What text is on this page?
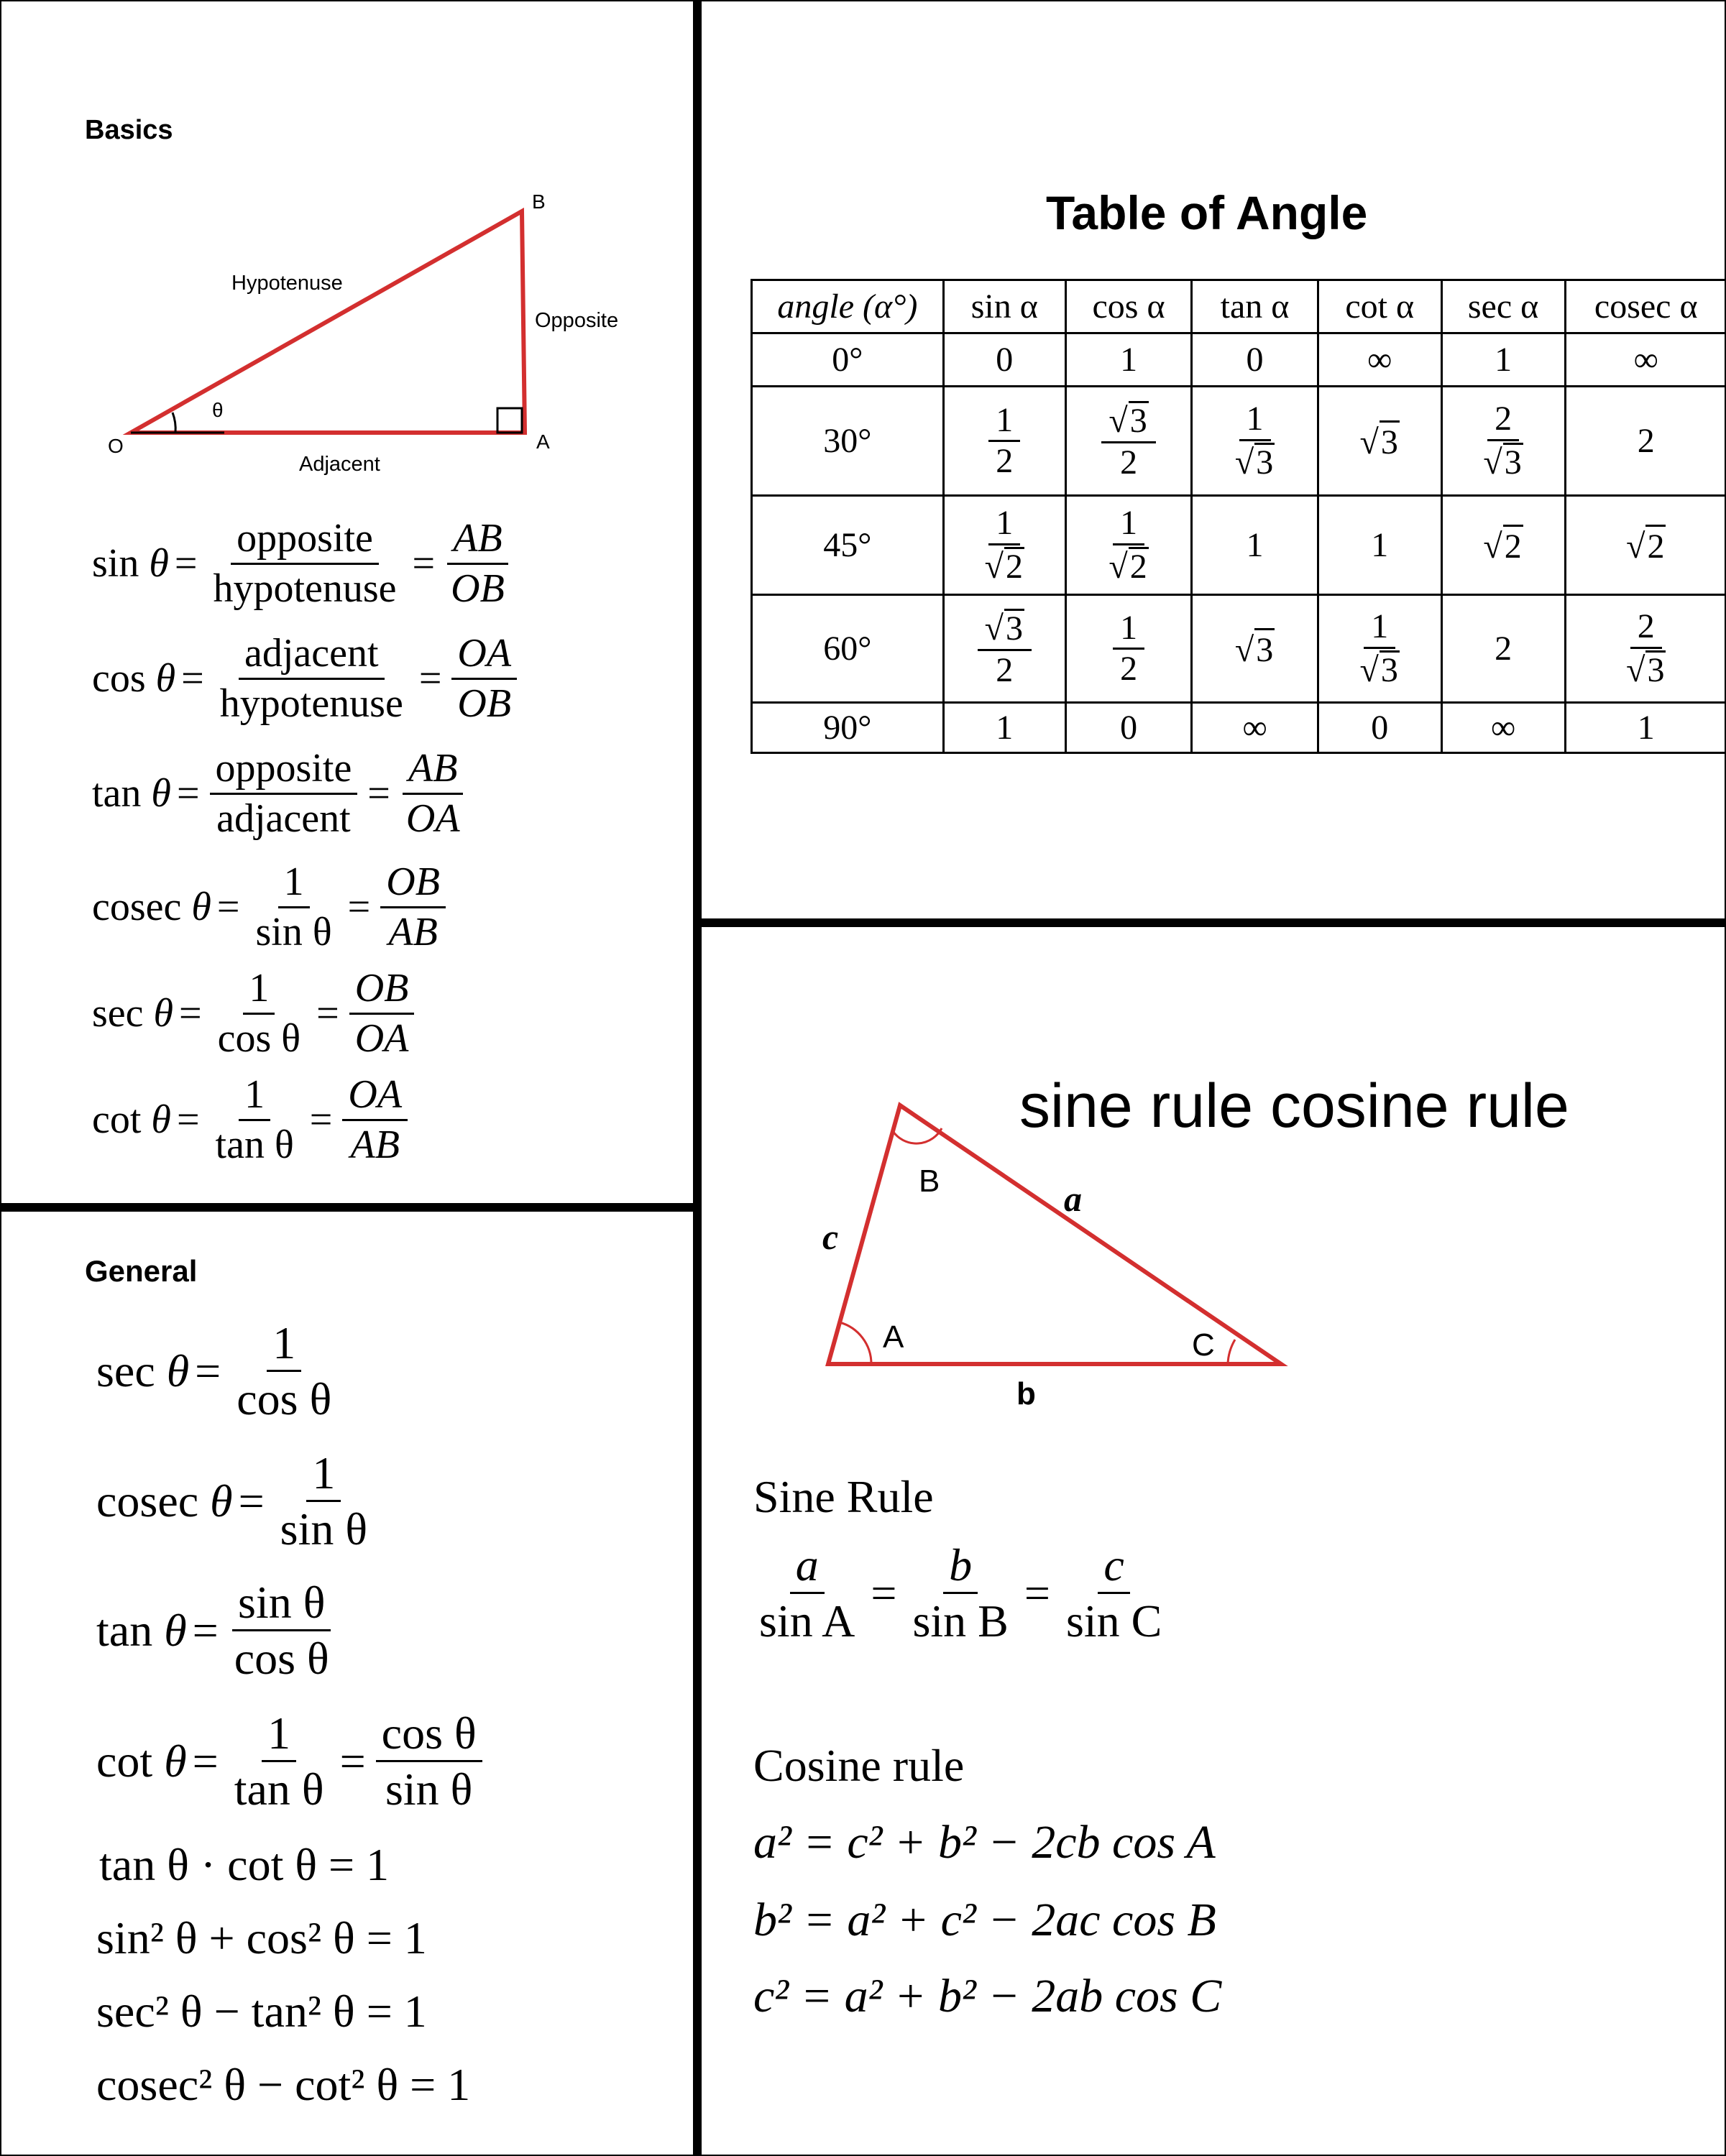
Basics
O	A
B
Hypotenuse
Opposite
Adjacent
θ
sin
$\theta = \frac{\text{opposite}}{\text{hypotenuse}} = \frac{AB}{OB}$
cos
$\theta = \frac{\text{adjacent}}{\text{hypotenuse}} = \frac{OA}{OB}$
tan
$\theta = \frac{\text{opposite}}{\text{adjacent}} = \frac{AB}{OA}$
cosec
$\theta = \frac{1}{\text{sin θ}} = \frac{OB}{AB}$
sec
$\theta = \frac{1}{\text{cos θ}} = \frac{OB}{OA}$
cot
$\theta = \frac{1}{\text{tan θ}} = \frac{OA}{AB}$
Table of Angle
angle (α°)	sin α	cos α	tan α	cot α	sec α	cosec α
0°	0	1	0	∞	1	∞
30°	$\frac{1}{2}$	$\frac{√3}{2}$	$\frac{1}{√3}$	√3	$\frac{2}{√3}$	2
45°	$\frac{1}{√2}$	$\frac{1}{√2}$	1	1	√2	√2
60°	$\frac{√3}{2}$	$\frac{1}{2}$	√3	$\frac{1}{√3}$	2	$\frac{2}{√3}$

90°	1	0	∞	0	∞	1
General
sec
$\theta = \frac{1}{\text{cos θ}}$
cosec
$\theta = \frac{1}{\text{sin θ}}$
tan
$\theta = \frac{\text{sin θ}}{\text{cos θ}}$
cot
$\theta = \frac{1}{\text{tan θ}} = \frac{\text{cos θ}}{\text{sin θ}}$
tan θ · cot θ = 1
sin² θ + cos² θ = 1
sec² θ − tan² θ = 1
cosec² θ − cot² θ = 1
sine rule cosine rule
B
A	C
a
b
c
Sine Rule
$\frac{a}{\text{sin A}} = \frac{b}{\text{sin B}} = \frac{c}{\text{sin C}}$
Cosine rule
a² = c² + b² − 2cb cos A
b² = a² + c² − 2ac cos B
c² = a² + b² − 2ab cos C
